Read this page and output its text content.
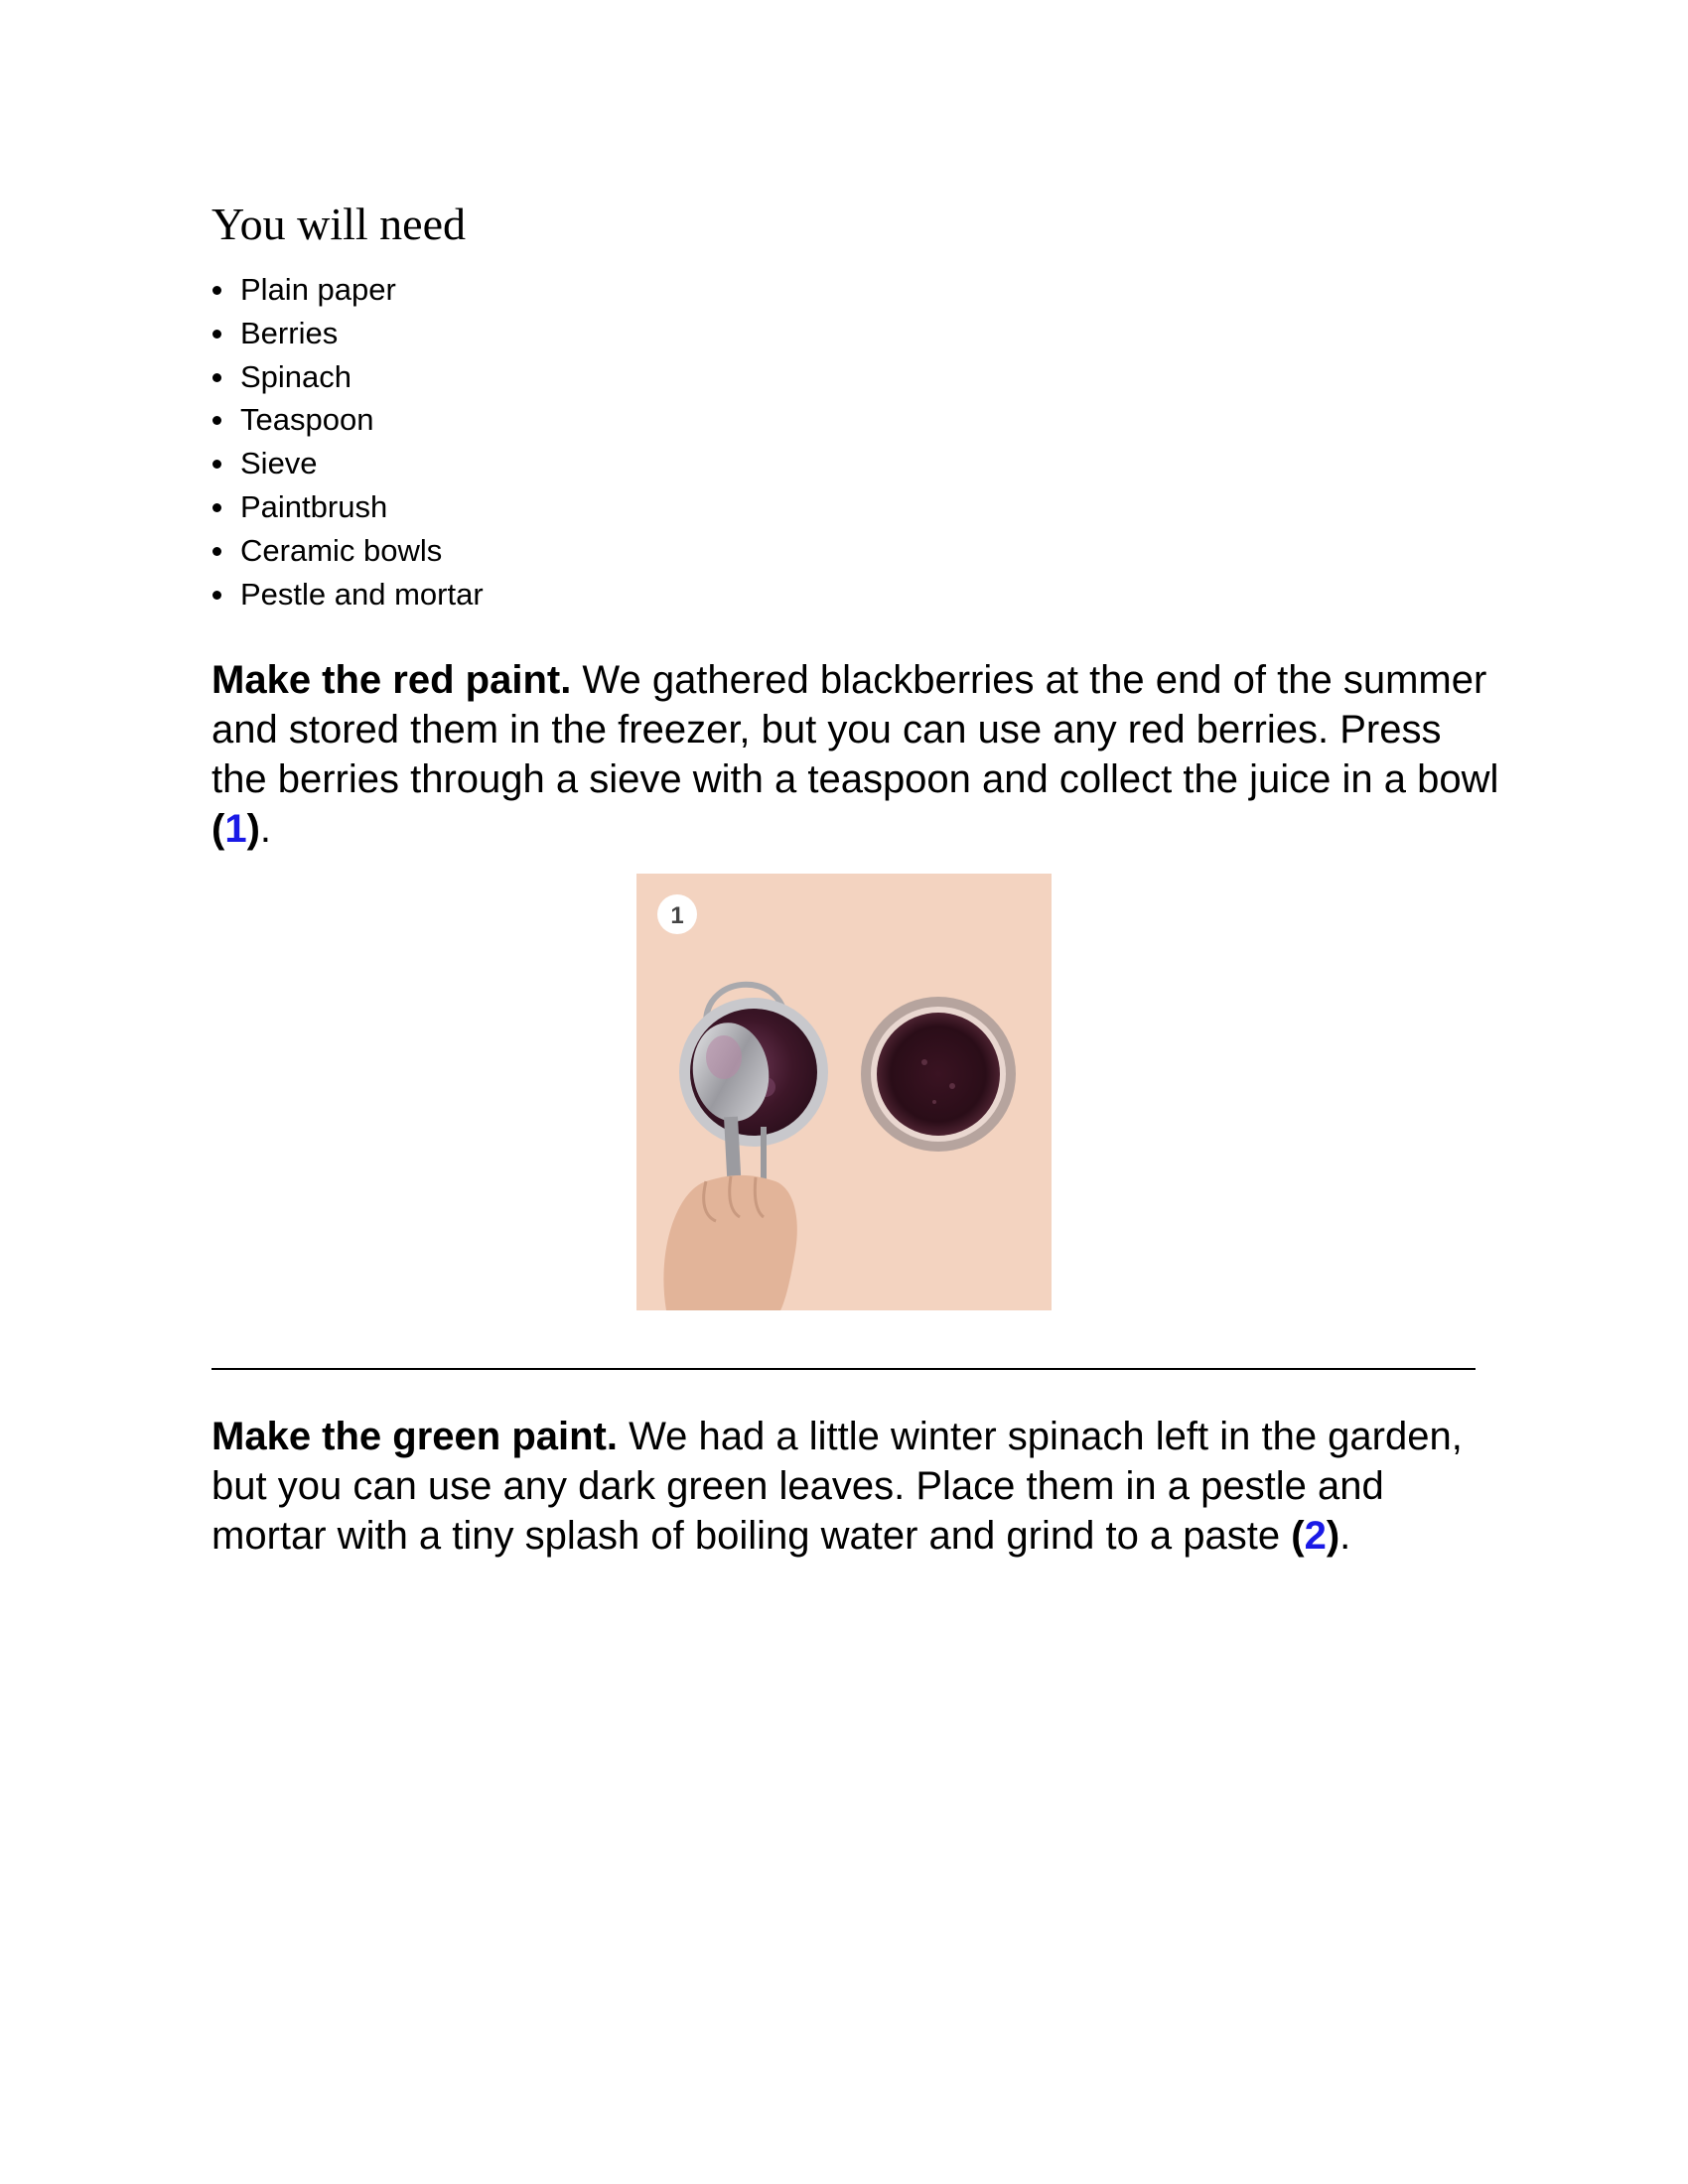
You will need
Plain paper
Berries
Spinach
Teaspoon
Sieve
Paintbrush
Ceramic bowls
Pestle and mortar

Make the red paint. We gathered blackberries at the end of the summer and stored them in the freezer, but you can use any red berries. Press the berries through a sieve with a teaspoon and collect the juice in a bowl (1).

1

Make the green paint. We had a little winter spinach left in the garden, but you can use any dark green leaves. Place them in a pestle and mortar with a tiny splash of boiling water and grind to a paste (2).
